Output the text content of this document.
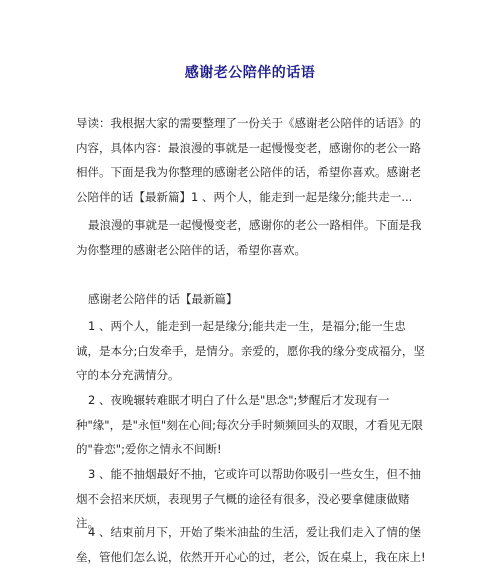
感谢老公陪伴的话语

导读：我根据大家的需要整理了一份关于《感谢老公陪伴的话语》的内容，具体内容：最浪漫的事就是一起慢慢变老，感谢你的老公一路相伴。下面是我为你整理的感谢老公陪伴的话，希望你喜欢。感谢老公陪伴的话【最新篇】1 、两个人，能走到一起是缘分;能共走一...

最浪漫的事就是一起慢慢变老，感谢你的老公一路相伴。下面是我为你整理的感谢老公陪伴的话，希望你喜欢。

感谢老公陪伴的话【最新篇】

1 、两个人，能走到一起是缘分;能共走一生，是福分;能一生忠诚，是本分;白发牵手，是情分。亲爱的，愿你我的缘分变成福分，坚守的本分充满情分。

2 、夜晚辗转难眠才明白了什么是"思念";梦醒后才发现有一种"缘"，是"永恒"刻在心间;每次分手时频频回头的双眼，才看见无限的"眷恋";爱你之情永不间断!

3 、能不抽烟最好不抽，它或许可以帮助你吸引一些女生，但不抽烟不会招来厌烦，表现男子气概的途径有很多，没必要拿健康做赌注。

4 、结束前月下，开始了柴米油盐的生活，爱让我们走入了情的堡垒，管他们怎么说，依然开开心心的过，老公，饭在桌上，我在床上!
